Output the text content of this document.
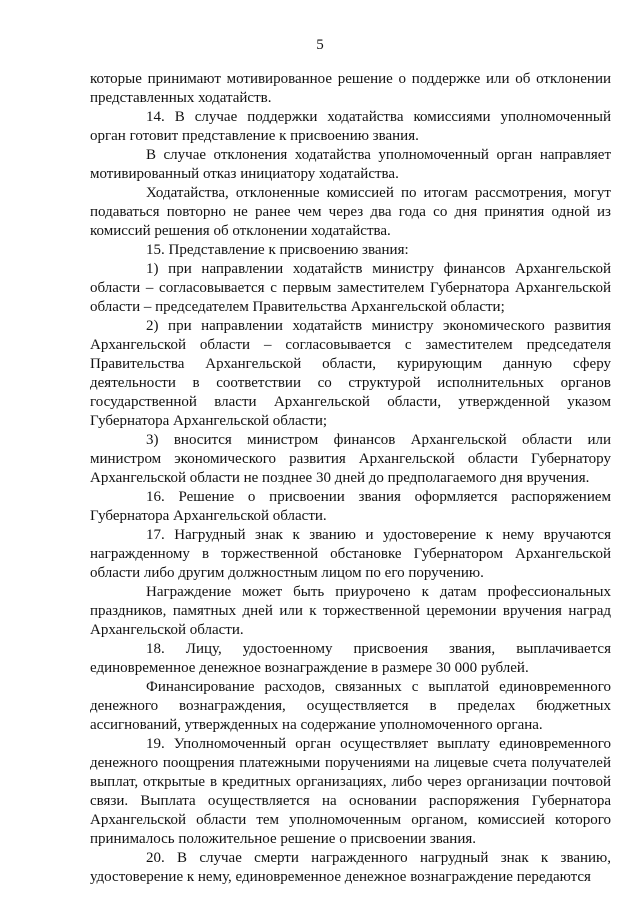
5

которые принимают мотивированное решение о поддержке или об отклонении представленных ходатайств.

14. В случае поддержки ходатайства комиссиями уполномоченный орган готовит представление к присвоению звания.

В случае отклонения ходатайства уполномоченный орган направляет мотивированный отказ инициатору ходатайства.

Ходатайства, отклоненные комиссией по итогам рассмотрения, могут подаваться повторно не ранее чем через два года со дня принятия одной из комиссий решения об отклонении ходатайства.

15. Представление к присвоению звания:

1) при направлении ходатайств министру финансов Архангельской области – согласовывается с первым заместителем Губернатора Архангельской области – председателем Правительства Архангельской области;

2) при направлении ходатайств министру экономического развития Архангельской области – согласовывается с заместителем председателя Правительства Архангельской области, курирующим данную сферу деятельности в соответствии со структурой исполнительных органов государственной власти Архангельской области, утвержденной указом Губернатора Архангельской области;

3) вносится министром финансов Архангельской области или министром экономического развития Архангельской области Губернатору Архангельской области не позднее 30 дней до предполагаемого дня вручения.

16. Решение о присвоении звания оформляется распоряжением Губернатора Архангельской области.

17. Нагрудный знак к званию и удостоверение к нему вручаются награжденному в торжественной обстановке Губернатором Архангельской области либо другим должностным лицом по его поручению.

Награждение может быть приурочено к датам профессиональных праздников, памятных дней или к торжественной церемонии вручения наград Архангельской области.

18. Лицу, удостоенному присвоения звания, выплачивается единовременное денежное вознаграждение в размере 30 000 рублей.

Финансирование расходов, связанных с выплатой единовременного денежного вознаграждения, осуществляется в пределах бюджетных ассигнований, утвержденных на содержание уполномоченного органа.

19. Уполномоченный орган осуществляет выплату единовременного денежного поощрения платежными поручениями на лицевые счета получателей выплат, открытые в кредитных организациях, либо через организации почтовой связи. Выплата осуществляется на основании распоряжения Губернатора Архангельской области тем уполномоченным органом, комиссией которого принималось положительное решение о присвоении звания.

20. В случае смерти награжденного нагрудный знак к званию, удостоверение к нему, единовременное денежное вознаграждение передаются
